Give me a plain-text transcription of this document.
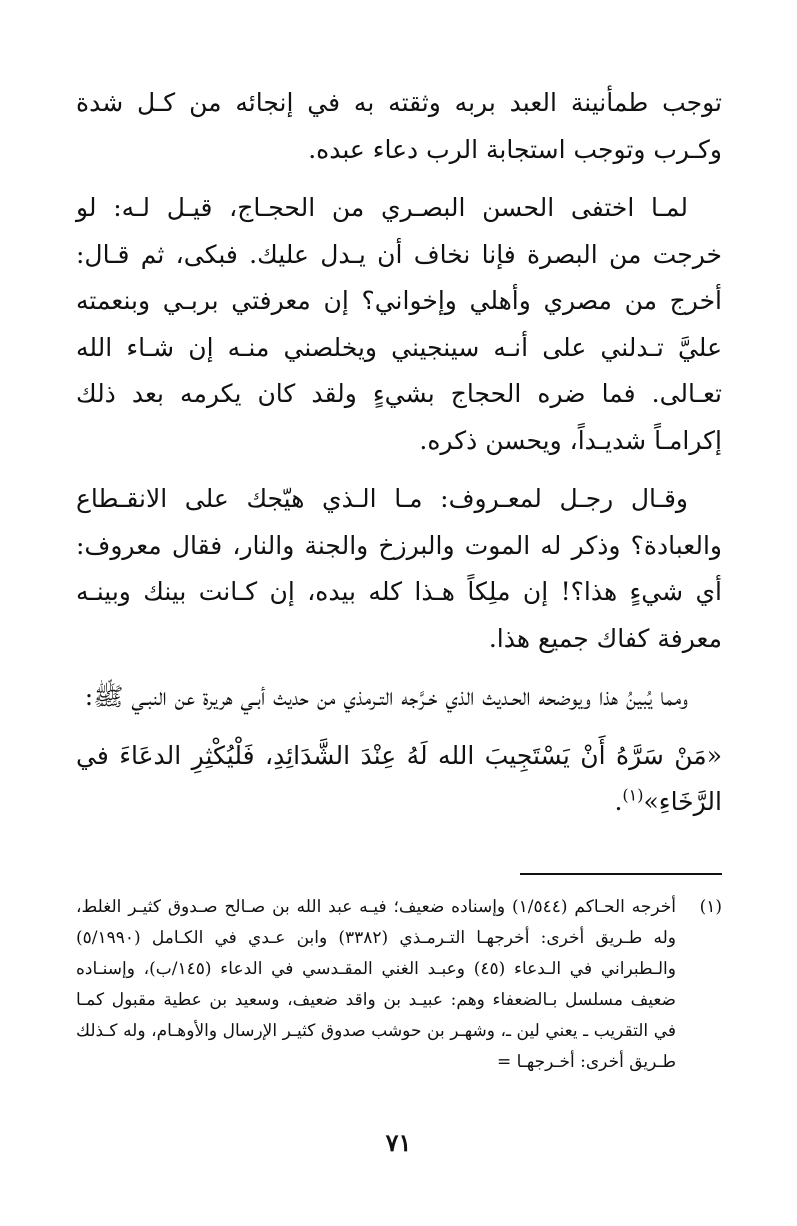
توجب طمأنينة العبد بربه وثقته به في إنجائه من كـل شدة وكـرب وتوجب استجابة الرب دعاء عبده.

لمـا اختفى الحسن البصـري من الحجـاج، قيـل لـه: لو خرجت من البصرة فإنا نخاف أن يـدل عليك. فبكى، ثم قـال: أخرج من مصري وأهلي وإخواني؟ إن معرفتي بربـي وبنعمته عليَّ تـدلني على أنـه سينجيني ويخلصني منـه إن شـاء الله تعـالى. فما ضره الحجاج بشيءٍ ولقد كان يكرمه بعد ذلك إكرامـاً شديـداً، ويحسن ذكره.

وقـال رجـل لمعـروف: مـا الـذي هيّجك على الانقـطاع والعبادة؟ وذكر له الموت والبرزخ والجنة والنار، فقال معروف: أي شيءٍ هذا؟! إن ملِكاً هـذا كله بيده، إن كـانت بينك وبينـه معرفة كفاك جميع هذا.

ومما يُبينُ هذا ويوضحه الحـديث الذي خـرَّجه التـرمذي من حديث أبـي هريرة عن النبـي ﷺ:

«مَنْ سَرَّهُ أَنْ يَسْتَجِيبَ الله لَهُ عِنْدَ الشَّدَائِدِ، فَلْيُكْثِرِ الدعَاءَ في الرَّخَاءِ»$^{(١)}$.

(١)
أخرجه الحـاكم (١/٥٤٤) وإسناده ضعيف؛ فيـه عبد الله بن صـالح صـدوق كثيـر الغلط، وله طـريق أخرى: أخرجهـا التـرمـذي (٣٣٨٢) وابن عـدي في الكـامل (٥/١٩٩٠) والـطبراني في الـدعاء (٤٥) وعبـد الغني المقـدسي في الدعاء (١٤٥/ب)، وإسنـاده ضعيف مسلسل بـالضعفاء وهم: عبيـد بن واقد ضعيف، وسعيد بن عطية مقبول كمـا في التقريب ـ يعني لين ـ، وشهـر بن حوشب صدوق كثيـر الإرسال والأوهـام، وله كـذلك طـريق أخرى: أخـرجهـا =
٧١
